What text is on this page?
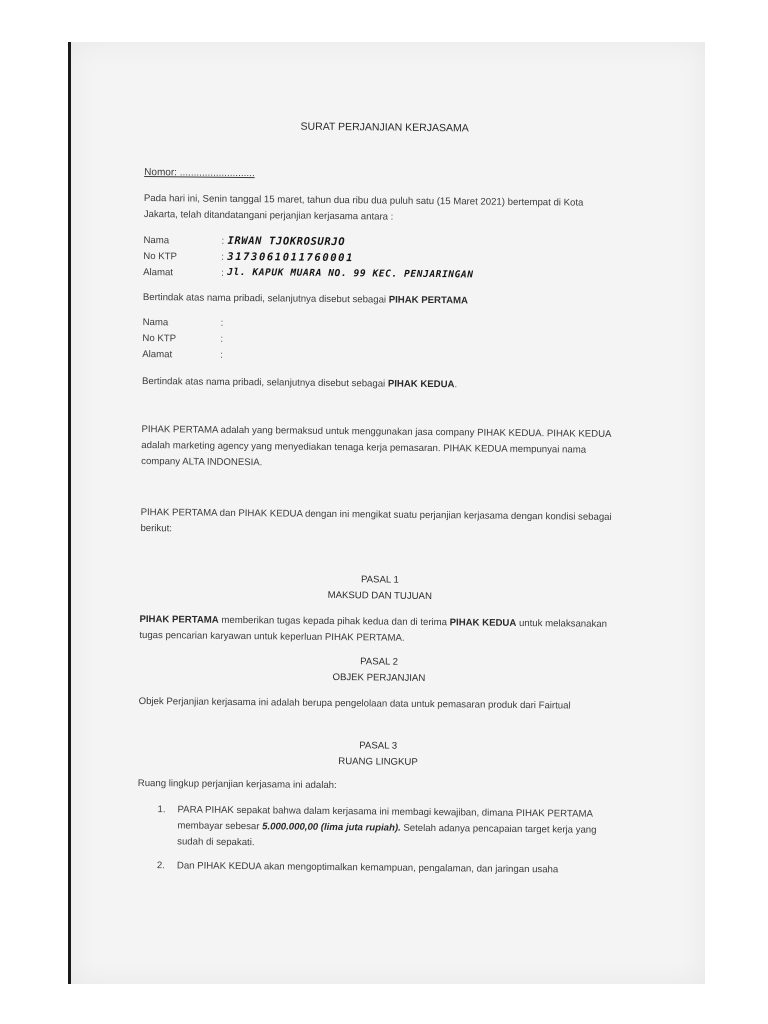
SURAT PERJANJIAN KERJASAMA
Nomor: ...........................
Pada hari ini, Senin tanggal 15 maret, tahun dua ribu dua puluh satu (15 Maret 2021) bertempat di Kota Jakarta, telah ditandatangani perjanjian kerjasama antara :
Nama	: IRWAN TJOKROSURJO
No KTP	: 3173061011760001
Alamat	: Jl. KAPUK MUARA NO. 99 KEC. PENJARINGAN
Bertindak atas nama pribadi, selanjutnya disebut sebagai PIHAK PERTAMA
Nama	:
No KTP	:
Alamat	:
Bertindak atas nama pribadi, selanjutnya disebut sebagai PIHAK KEDUA.
PIHAK PERTAMA adalah yang bermaksud untuk menggunakan jasa company PIHAK KEDUA. PIHAK KEDUA adalah marketing agency yang menyediakan tenaga kerja pemasaran. PIHAK KEDUA mempunyai nama company ALTA INDONESIA.
PIHAK PERTAMA dan PIHAK KEDUA dengan ini mengikat suatu perjanjian kerjasama dengan kondisi sebagai berikut:
PASAL 1
MAKSUD DAN TUJUAN
PIHAK PERTAMA memberikan tugas kepada pihak kedua dan di terima PIHAK KEDUA untuk melaksanakan tugas pencarian karyawan untuk keperluan PIHAK PERTAMA.
PASAL 2
OBJEK PERJANJIAN
Objek Perjanjian kerjasama ini adalah berupa pengelolaan data untuk pemasaran produk dari Fairtual
PASAL 3
RUANG LINGKUP
Ruang lingkup perjanjian kerjasama ini adalah:
1. PARA PIHAK sepakat bahwa dalam kerjasama ini membagi kewajiban, dimana PIHAK PERTAMA membayar sebesar 5.000.000,00 (lima juta rupiah). Setelah adanya pencapaian target kerja yang sudah di sepakati.
2. Dan PIHAK KEDUA akan mengoptimalkan kemampuan, pengalaman, dan jaringan usaha
